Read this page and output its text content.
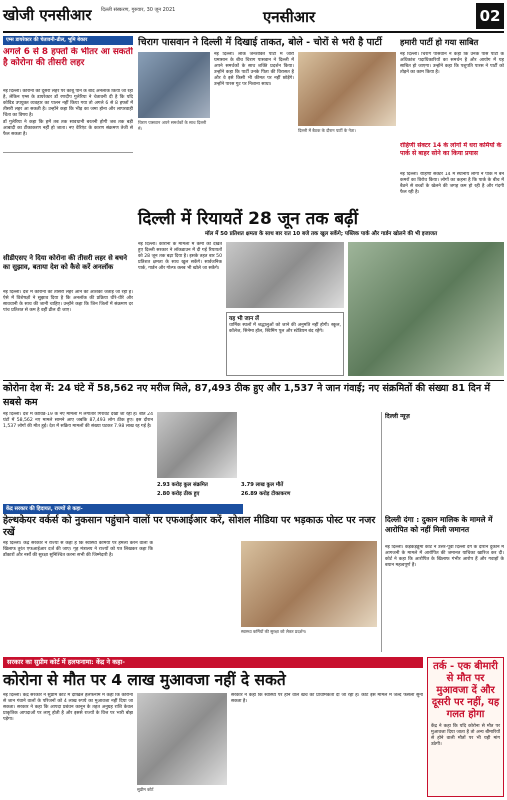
खोजी एनसीआर दिल्ली संस्करण, गुरुवार, 30 जून 2021	एनसीआर	02
एम्स डायरेक्टर की चेतावनी-ढील, भूमि बेकार
अगले 6 से 8 हफ्तों के भीतर आ सकती है कोरोना की तीसरी लहर

नई दिल्ली। कोरोना की दूसरी लहर पर काबू पाने के बाद अनलॉक किया जा रहा है, लेकिन एम्स के डायरेक्टर डॉ रणदीप गुलेरिया ने चेतावनी दी है कि यदि कोविड उपयुक्त व्यवहार का पालन नहीं किया गया तो अगले 6 से 8 हफ्तों में तीसरी लहर आ सकती है। उन्होंने कहा कि भीड़ का जमा होना और लापरवाही चिंता का विषय है।

डॉ गुलेरिया ने कहा कि हमें तब तक सावधानी बरतनी होगी जब तक बड़ी आबादी का टीकाकरण नहीं हो जाता। नए वेरिएंट के कारण संक्रमण तेजी से फैल सकता है।

सीडीएसए ने दिया कोरोना की तीसरी लहर से बचने का सुझाव, बताया देश को कैसे करें अनलॉक

नई दिल्ली। देश में कोरोना की तीसरी लहर आने की आशंका जताई जा रही है। ऐसे में विशेषज्ञों ने सुझाव दिया है कि अनलॉक की प्रक्रिया धीरे-धीरे और सावधानी के साथ की जानी चाहिए। उन्होंने कहा कि जिन जिलों में संक्रमण दर पांच प्रतिशत से कम है वहीं ढील दी जाए।

चिराग पासवान ने दिल्ली में दिखाई ताकत, बोले - चोरों से भरी है पार्टी

नई दिल्ली। लोक जनशक्ति पार्टी में जारी घमासान के बीच चिराग पासवान ने दिल्ली में अपने समर्थकों के साथ शक्ति प्रदर्शन किया। उन्होंने कहा कि पार्टी उनके पिता की विरासत है और वे इसे किसी भी कीमत पर नहीं छोड़ेंगे। उन्होंने पारस गुट पर निशाना साधा।

चिराग पासवान अपने समर्थकों के साथ दिल्ली में।	दिल्ली में बैठक के दौरान पार्टी के नेता।
हमारी पार्टी हो गया साबित

नई दिल्ली। चिराग पासवान ने कहा कि उनके पास पार्टी के अधिकांश पदाधिकारियों का समर्थन है और आयोग में यह साबित हो जाएगा। उन्होंने कहा कि पशुपति पारस ने पार्टी को तोड़ने का काम किया है।

रोहिणी सेक्टर 14 के लोगों में धरा कर्मियों के पार्क से बाहर सोने का किया प्रयास

नई दिल्ली। रोहिणी सेक्टर 14 में स्थानीय लोगों ने पार्क में बने कमरों का विरोध किया। लोगों का कहना है कि पार्क के बीच में बैठने से बच्चों के खेलने की जगह कम हो रही है और गंदगी फैल रही है।

दिल्ली में रियायतें 28 जून तक बढ़ीं
मॉल में 50 प्रतिशत क्षमता के साथ बार रात 10 बजे तक खुल सकेंगे; पब्लिक पार्क और गार्डन खोलने की भी इजाजत

नई दिल्ली। कोरोना के मामलों में कमी को देखते हुए दिल्ली सरकार ने लॉकडाउन में दी गई रियायतों को 28 जून तक बढ़ा दिया है। इसके तहत बार 50 प्रतिशत क्षमता के साथ खुल सकेंगे। सार्वजनिक पार्क, गार्डन और गोल्फ क्लब भी खोले जा सकेंगे।

यह भी जान लें
धार्मिक स्थलों में श्रद्धालुओं को जाने की अनुमति नहीं होगी। स्कूल, कॉलेज, सिनेमा हॉल, स्विमिंग पूल और स्टेडियम बंद रहेंगे।
कोरोना देश में: 24 घंटे में 58,562 नए मरीज मिले, 87,493 ठीक हुए और 1,537 ने जान गंवाई; नए संक्रमितों की संख्या 81 दिन में सबसे कम

नई दिल्ली। देश में कोविड-19 के नए मामलों में लगातार गिरावट देखी जा रही है। बीते 24 घंटों में 58,562 नए मामले सामने आए जबकि 87,493 लोग ठीक हुए। इस दौरान 1,537 लोगों की मौत हुई। देश में सक्रिय मामलों की संख्या घटकर 7.98 लाख रह गई है।

2.93 करोड़ कुल संक्रमित
2.80 करोड़ ठीक हुए
3.79 लाख कुल मौतें
26.89 करोड़ टीकाकरण
दिल्ली न्यूज़
दिल्ली दंगा : दुकान मालिक के मामले में आरोपित को नहीं मिली जमानत

नई दिल्ली। कड़कड़डूमा कोर्ट ने उत्तर-पूर्वी दिल्ली दंगे के दौरान दुकान में आगजनी के मामले में आरोपित की जमानत याचिका खारिज कर दी। कोर्ट ने कहा कि आरोपित के खिलाफ गंभीर आरोप हैं और गवाहों के बयान महत्वपूर्ण हैं।

केंद्र सरकार की हिदायत, राज्यों से कहा-
हेल्थकेयर वर्कर्स को नुकसान पहुंचाने वालों पर एफआईआर करें, सोशल मीडिया पर भड़काऊ पोस्ट पर नजर रखें

नई दिल्ली। केंद्र सरकार ने राज्यों से कहा है कि स्वास्थ्य कर्मियों पर हमला करने वालों के खिलाफ तुरंत एफआईआर दर्ज की जाए। गृह मंत्रालय ने राज्यों को पत्र लिखकर कहा कि डॉक्टरों और नर्सों की सुरक्षा सुनिश्चित करना सभी की जिम्मेदारी है।

स्वास्थ्य कर्मियों की सुरक्षा को लेकर प्रदर्शन।
सरकार का सुप्रीम कोर्ट में हलफनामा: केंद्र ने कहा-
कोरोना से मौत पर 4 लाख मुआवजा नहीं दे सकते

नई दिल्ली। केंद्र सरकार ने सुप्रीम कोर्ट में दाखिल हलफनामे में कहा कि कोरोना से जान गंवाने वालों के परिजनों को 4 लाख रुपये का मुआवजा नहीं दिया जा सकता। सरकार ने कहा कि आपदा प्रबंधन कानून के तहत अनुग्रह राशि केवल प्राकृतिक आपदाओं पर लागू होती है और इससे राज्यों के वित्त पर भारी बोझ पड़ेगा।

सुप्रीम कोर्ट

सरकार ने कहा कि स्वास्थ्य पर होने वाले खर्च को प्राथमिकता दी जा रही है। कोर्ट इस मामले में जल्द फैसला सुना सकता है।

तर्क - एक बीमारी से मौत पर मुआवजा दें और दूसरी पर नहीं, यह गलत होगा
केंद्र ने कहा कि यदि कोरोना से मौत पर मुआवजा दिया जाता है तो अन्य बीमारियों से होने वाली मौतों पर भी यही मांग उठेगी।
